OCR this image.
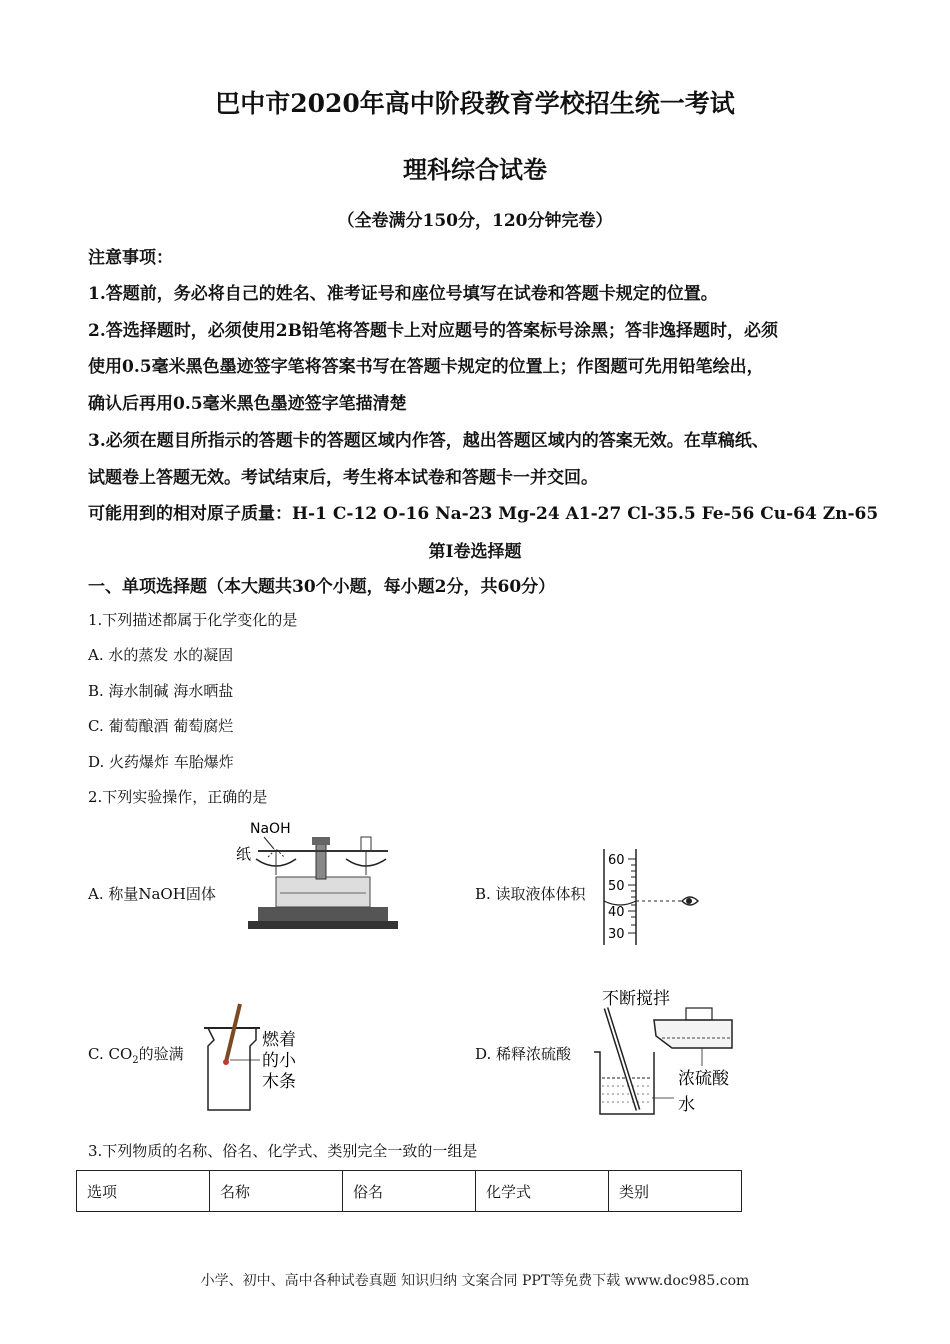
巴中市2020年高中阶段教育学校招生统一考试
理科综合试卷
（全卷满分150分，120分钟完卷）
注意事项：
1.答题前，务必将自己的姓名、准考证号和座位号填写在试卷和答题卡规定的位置。
2.答选择题时，必须使用2B铅笔将答题卡上对应题号的答案标号涂黑；答非逸择题时，必须
使用0.5毫米黑色墨迹签字笔将答案书写在答题卡规定的位置上；作图题可先用铅笔绘出，
确认后再用0.5毫米黑色墨迹签字笔描清楚
3.必须在题目所指示的答题卡的答题区域内作答，越出答题区域内的答案无效。在草稿纸、
试题卷上答题无效。考试结束后，考生将本试卷和答题卡一并交回。
可能用到的相对原子质量：H-1 C-12 O-16 Na-23 Mg-24 A1-27 Cl-35.5 Fe-56 Cu-64 Zn-65
第Ⅰ卷选择题
一、单项选择题（本大题共30个小题，每小题2分，共60分）
1.下列描述都属于化学变化的是
A. 水的蒸发 水的凝固
B. 海水制碱 海水晒盐
C. 葡萄酿酒 葡萄腐烂
D. 火药爆炸 车胎爆炸
2.下列实验操作，正确的是
A. 称量NaOH固体
NaOH
纸
B. 读取液体体积
60
50
40
30
C. $CO_2$的验满
燃着
的小
木条
D. 稀释浓硫酸
不断搅拌
浓硫酸
水
3.下列物质的名称、俗名、化学式、类别完全一致的一组是
选项	名称	俗名	化学式	类别
小学、初中、高中各种试卷真题 知识归纳 文案合同 PPT等免费下载 www.doc985.com
